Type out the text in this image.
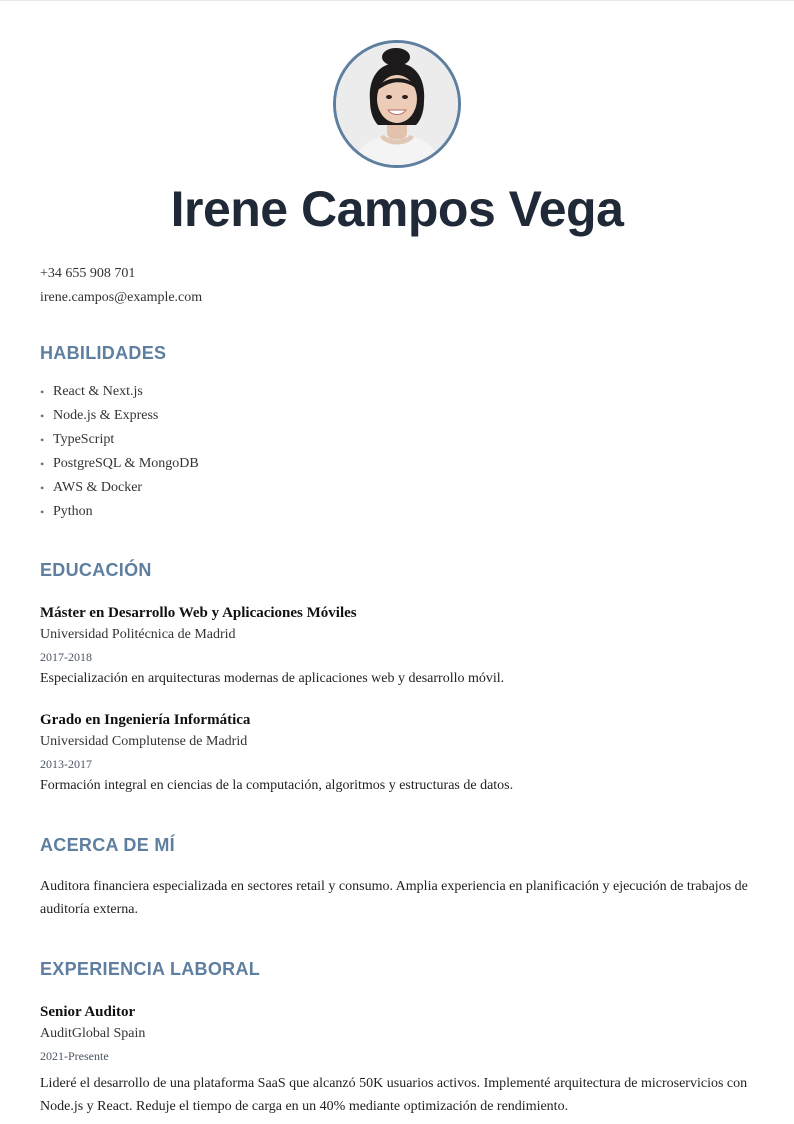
Irene Campos Vega
+34 655 908 701
irene.campos@example.com
HABILIDADES
• React & Next.js
• Node.js & Express
• TypeScript
• PostgreSQL & MongoDB
• AWS & Docker
• Python
EDUCACIÓN
Máster en Desarrollo Web y Aplicaciones Móviles
Universidad Politécnica de Madrid
2017-2018
Especialización en arquitecturas modernas de aplicaciones web y desarrollo móvil.
Grado en Ingeniería Informática
Universidad Complutense de Madrid
2013-2017
Formación integral en ciencias de la computación, algoritmos y estructuras de datos.
ACERCA DE MÍ
Auditora financiera especializada en sectores retail y consumo. Amplia experiencia en planificación y ejecución de trabajos de auditoría externa.
EXPERIENCIA LABORAL
Senior Auditor
AuditGlobal Spain
2021-Presente
Lideré el desarrollo de una plataforma SaaS que alcanzó 50K usuarios activos. Implementé arquitectura de microservicios con Node.js y React. Reduje el tiempo de carga en un 40% mediante optimización de rendimiento.
